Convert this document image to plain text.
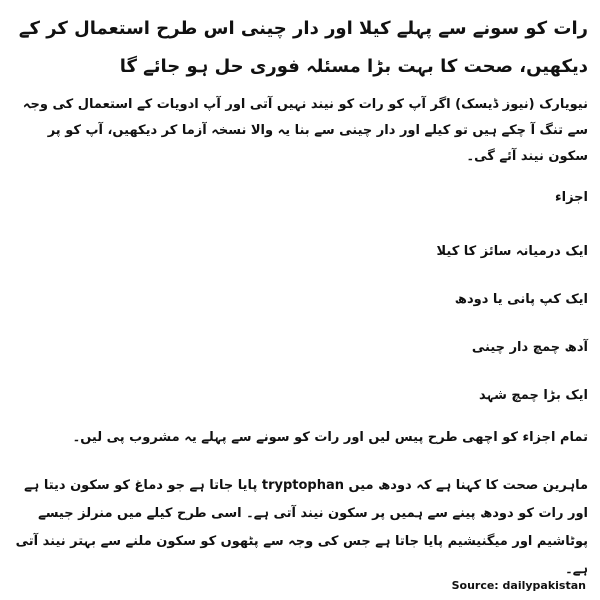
رات کو سونے سے پہلے کیلا اور دار چینی اس طرح استعمال کر کے دیکھیں، صحت کا بہت بڑا مسئلہ فوری حل ہو جائے گا

نیویارک (نیوز ڈیسک) اگر آپ کو رات کو نیند نہیں آتی اور آپ ادویات کے استعمال کی وجہ سے تنگ آ چکے ہیں تو کیلے اور دار چینی سے بنا یہ والا نسخہ آزما کر دیکھیں، آپ کو پر سکون نیند آئے گی۔

اجزاء

ایک درمیانہ سائز کا کیلا
ایک کپ پانی یا دودھ
آدھ چمچ دار چینی
ایک بڑا چمچ شہد

تمام اجزاء کو اچھی طرح پیس لیں اور رات کو سونے سے پہلے یہ مشروب پی لیں۔

ماہرین صحت کا کہنا ہے کہ دودھ میں tryptophan پایا جاتا ہے جو دماغ کو سکون دیتا ہے اور رات کو دودھ پینے سے ہمیں پر سکون نیند آتی ہے۔ اسی طرح کیلے میں منرلز جیسے پوٹاشیم اور میگنیشیم پایا جاتا ہے جس کی وجہ سے پٹھوں کو سکون ملنے سے بہتر نیند آتی ہے۔

Source: dailypakistan
